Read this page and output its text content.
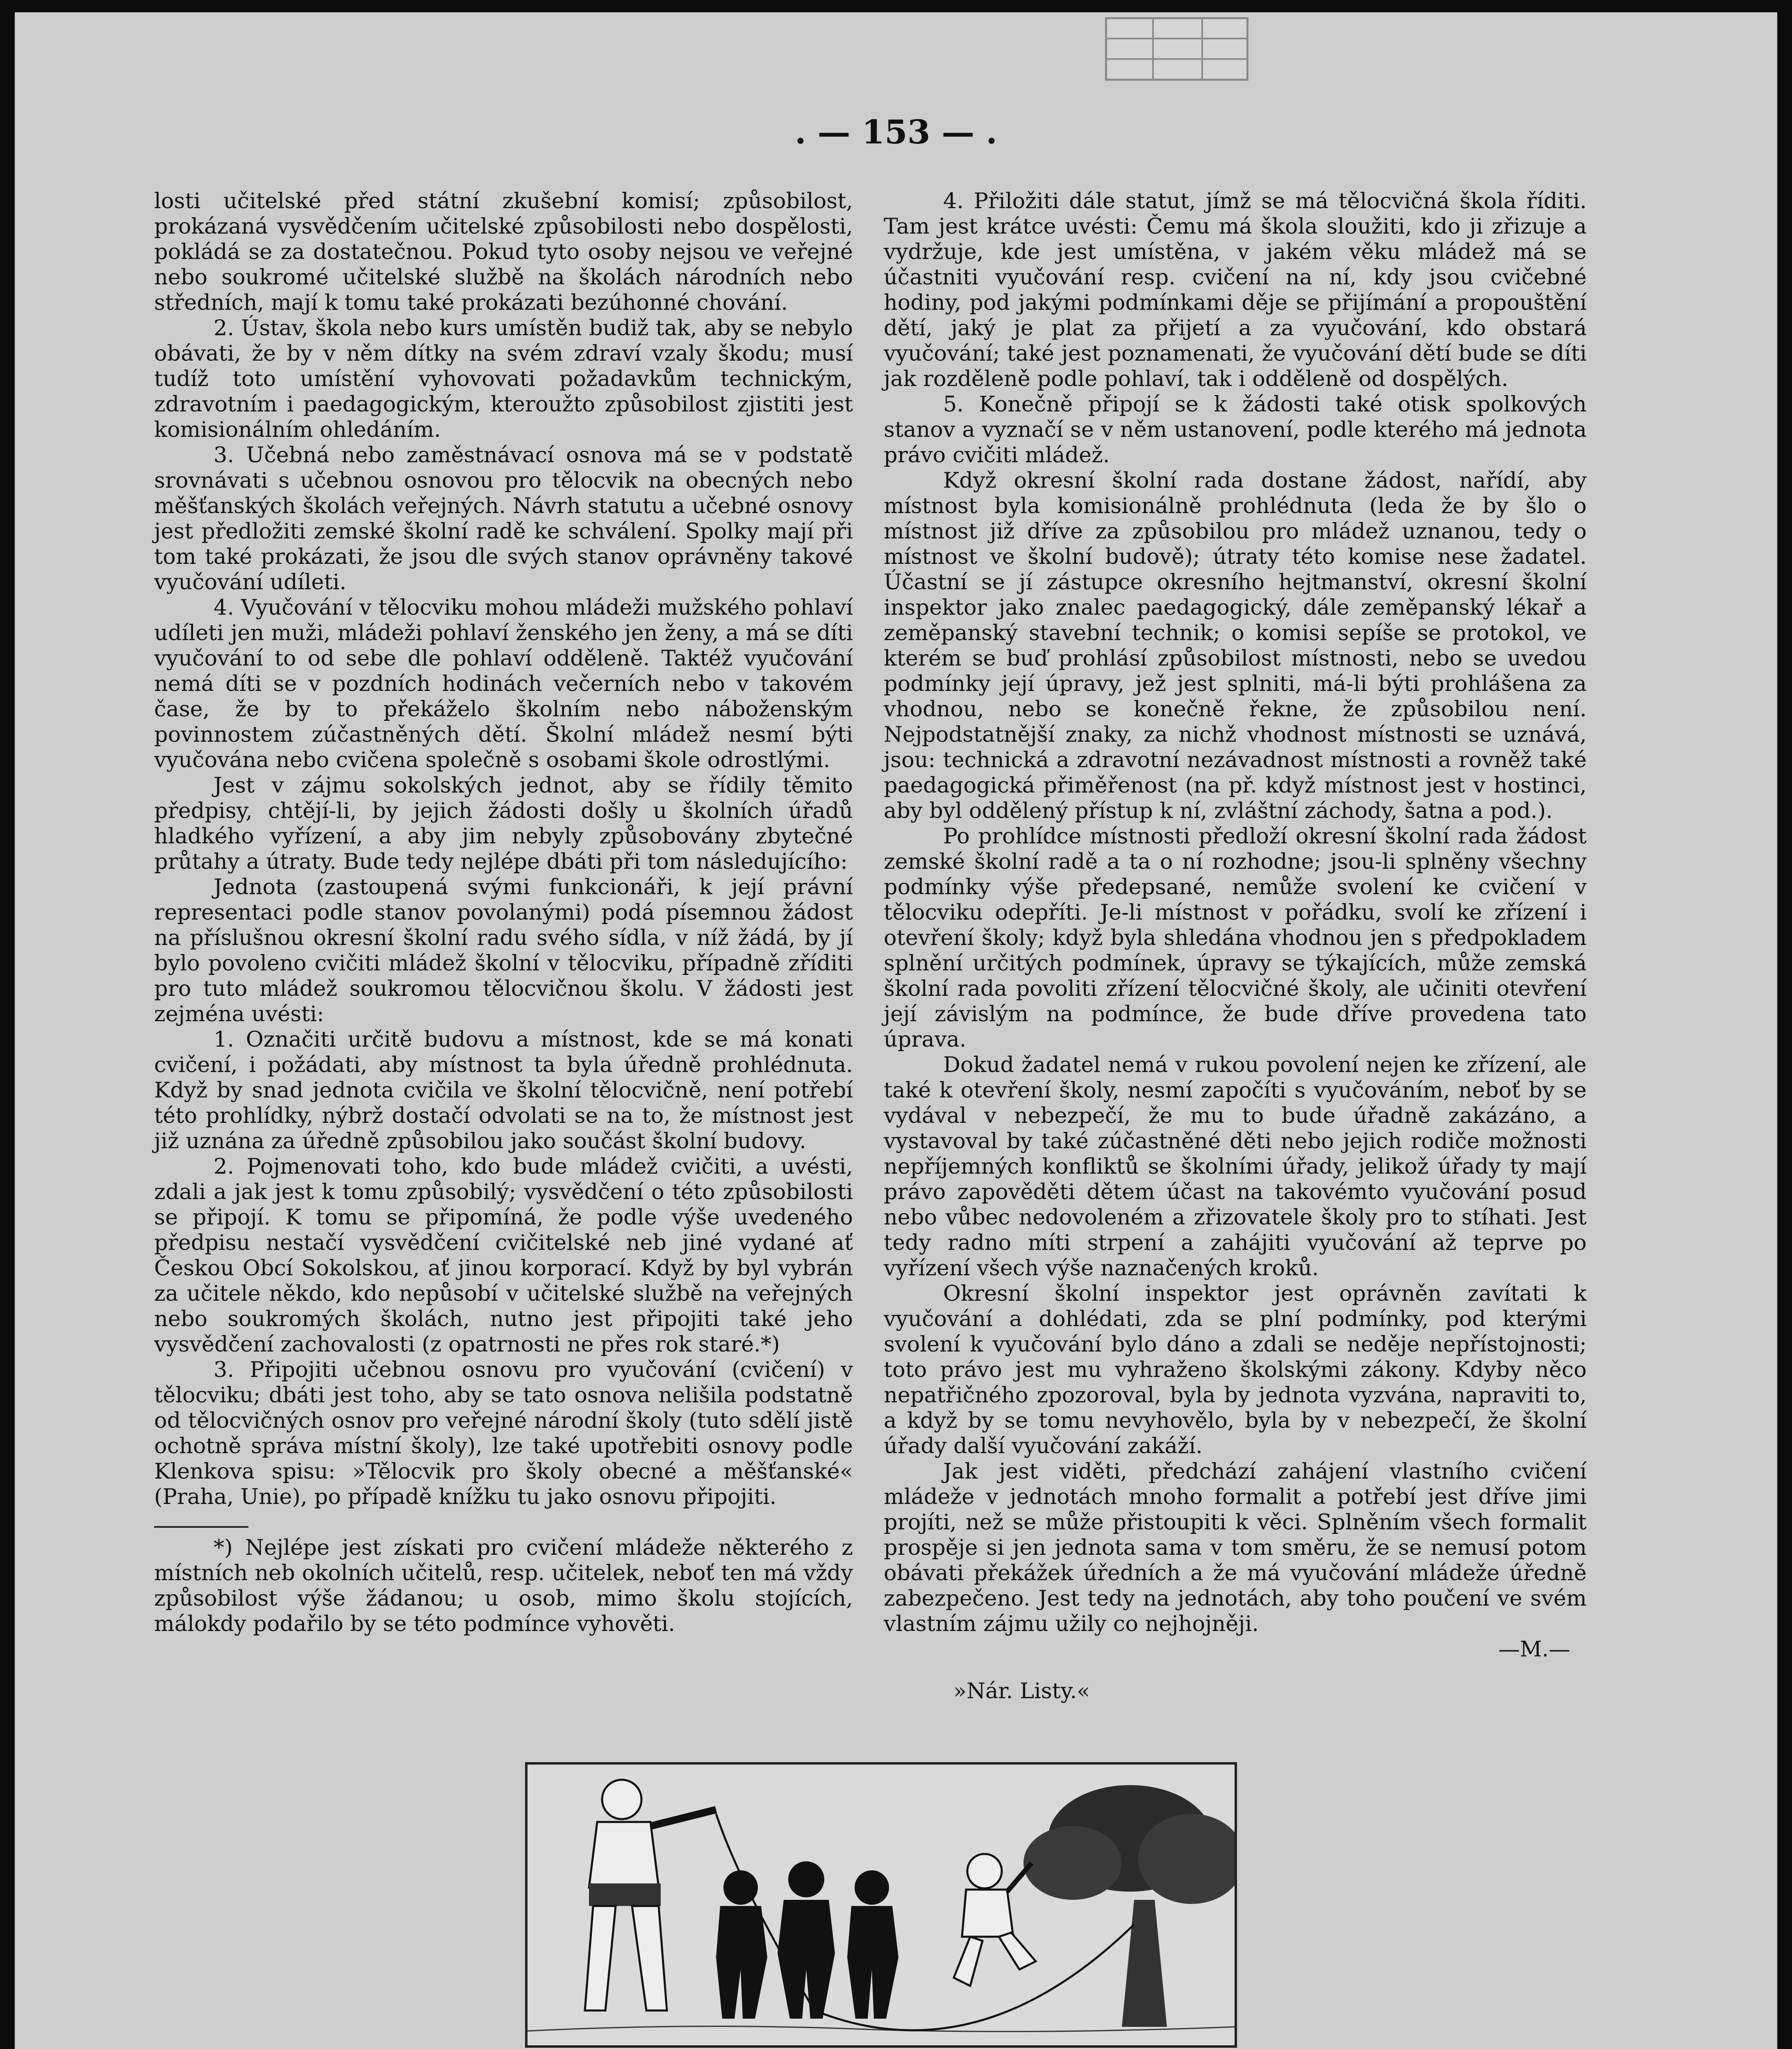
. — 153 — .

losti učitelské před státní zkušební komisí; způsobilost, prokázaná vysvědčením učitelské způsobilosti nebo dospělosti, pokládá se za dostatečnou. Pokud tyto osoby nejsou ve veřejné nebo soukromé učitelské službě na školách národních nebo středních, mají k tomu také prokázati bezúhonné chování.

2. Ústav, škola nebo kurs umístěn budiž tak, aby se nebylo obávati, že by v něm dítky na svém zdraví vzaly škodu; musí tudíž toto umístění vyhovovati požadavkům technickým, zdravotním i paedagogickým, kteroužto způsobilost zjistiti jest komisionálním ohledáním.

3. Učebná nebo zaměstnávací osnova má se v podstatě srovnávati s učebnou osnovou pro tělocvik na obecných nebo měšťanských školách veřejných. Návrh statutu a učebné osnovy jest předložiti zemské školní radě ke schválení. Spolky mají při tom také prokázati, že jsou dle svých stanov oprávněny takové vyučování udíleti.

4. Vyučování v tělocviku mohou mládeži mužského pohlaví udíleti jen muži, mládeži pohlaví ženského jen ženy, a má se díti vyučování to od sebe dle pohlaví odděleně. Taktéž vyučování nemá díti se v pozdních hodinách večerních nebo v takovém čase, že by to překáželo školním nebo náboženským povinnostem zúčastněných dětí. Školní mládež nesmí býti vyučována nebo cvičena společně s osobami škole odrostlými.

Jest v zájmu sokolských jednot, aby se řídily těmito předpisy, chtějí-li, by jejich žádosti došly u školních úřadů hladkého vyřízení, a aby jim nebyly způsobovány zbytečné průtahy a útraty. Bude tedy nejlépe dbáti při tom následujícího:

Jednota (zastoupená svými funkcionáři, k její právní representaci podle stanov povolanými) podá písemnou žádost na příslušnou okresní školní radu svého sídla, v níž žádá, by jí bylo povoleno cvičiti mládež školní v tělocviku, případně zříditi pro tuto mládež soukromou tělocvičnou školu. V žádosti jest zejména uvésti:

1. Označiti určitě budovu a místnost, kde se má konati cvičení, i požádati, aby místnost ta byla úředně prohlédnuta. Když by snad jednota cvičila ve školní tělocvičně, není potřebí této prohlídky, nýbrž dostačí odvolati se na to, že místnost jest již uznána za úředně způsobilou jako součást školní budovy.

2. Pojmenovati toho, kdo bude mládež cvičiti, a uvésti, zdali a jak jest k tomu způsobilý; vysvědčení o této způsobilosti se připojí. K tomu se připomíná, že podle výše uvedeného předpisu nestačí vysvědčení cvičitelské neb jiné vydané ať Českou Obcí Sokolskou, ať jinou korporací. Když by byl vybrán za učitele někdo, kdo nepůsobí v učitelské službě na veřejných nebo soukromých školách, nutno jest připojiti také jeho vysvědčení zachovalosti (z opatrnosti ne přes rok staré.*)

3. Připojiti učebnou osnovu pro vyučování (cvičení) v tělocviku; dbáti jest toho, aby se tato osnova nelišila podstatně od tělocvičných osnov pro veřejné národní školy (tuto sdělí jistě ochotně správa místní školy), lze také upotřebiti osnovy podle Klenkova spisu: »Tělocvik pro školy obecné a měšťanské« (Praha, Unie), po případě knížku tu jako osnovu připojiti.

*) Nejlépe jest získati pro cvičení mládeže některého z místních neb okolních učitelů, resp. učitelek, neboť ten má vždy způsobilost výše žádanou; u osob, mimo školu stojících, málokdy podařilo by se této podmínce vyhověti.

4. Přiložiti dále statut, jímž se má tělocvičná škola říditi. Tam jest krátce uvésti: Čemu má škola sloužiti, kdo ji zřizuje a vydržuje, kde jest umístěna, v jakém věku mládež má se účastniti vyučování resp. cvičení na ní, kdy jsou cvičebné hodiny, pod jakými podmínkami děje se přijímání a propouštění dětí, jaký je plat za přijetí a za vyučování, kdo obstará vyučování; také jest poznamenati, že vyučování dětí bude se díti jak rozděleně podle pohlaví, tak i odděleně od dospělých.

5. Konečně připojí se k žádosti také otisk spolkových stanov a vyznačí se v něm ustanovení, podle kterého má jednota právo cvičiti mládež.

Když okresní školní rada dostane žádost, nařídí, aby místnost byla komisionálně prohlédnuta (leda že by šlo o místnost již dříve za způsobilou pro mládež uznanou, tedy o místnost ve školní budově); útraty této komise nese žadatel. Účastní se jí zástupce okresního hejtmanství, okresní školní inspektor jako znalec paedagogický, dále zeměpanský lékař a zeměpanský stavební technik; o komisi sepíše se protokol, ve kterém se buď prohlásí způsobilost místnosti, nebo se uvedou podmínky její úpravy, jež jest splniti, má-li býti prohlášena za vhodnou, nebo se konečně řekne, že způsobilou není. Nejpodstatnější znaky, za nichž vhodnost místnosti se uznává, jsou: technická a zdravotní nezávadnost místnosti a rovněž také paedagogická přiměřenost (na př. když místnost jest v hostinci, aby byl oddělený přístup k ní, zvláštní záchody, šatna a pod.).

Po prohlídce místnosti předloží okresní školní rada žádost zemské školní radě a ta o ní rozhodne; jsou-li splněny všechny podmínky výše předepsané, nemůže svolení ke cvičení v tělocviku odepříti. Je-li místnost v pořádku, svolí ke zřízení i otevření školy; když byla shledána vhodnou jen s předpokladem splnění určitých podmínek, úpravy se týkajících, může zemská školní rada povoliti zřízení tělocvičné školy, ale učiniti otevření její závislým na podmínce, že bude dříve provedena tato úprava.

Dokud žadatel nemá v rukou povolení nejen ke zřízení, ale také k otevření školy, nesmí započíti s vyučováním, neboť by se vydával v nebezpečí, že mu to bude úřadně zakázáno, a vystavoval by také zúčastněné děti nebo jejich rodiče možnosti nepříjemných konfliktů se školními úřady, jelikož úřady ty mají právo zapověděti dětem účast na takovémto vyučování posud nebo vůbec nedovoleném a zřizovatele školy pro to stíhati. Jest tedy radno míti strpení a zahájiti vyučování až teprve po vyřízení všech výše naznačených kroků.

Okresní školní inspektor jest oprávněn zavítati k vyučování a dohlédati, zda se plní podmínky, pod kterými svolení k vyučování bylo dáno a zdali se neděje nepřístojnosti; toto právo jest mu vyhraženo školskými zákony. Kdyby něco nepatřičného zpozoroval, byla by jednota vyzvána, napraviti to, a když by se tomu nevyhovělo, byla by v nebezpečí, že školní úřady další vyučování zakáží.

Jak jest viděti, předchází zahájení vlastního cvičení mládeže v jednotách mnoho formalit a potřebí jest dříve jimi projíti, než se může přistoupiti k věci. Splněním všech formalit prospěje si jen jednota sama v tom směru, že se nemusí potom obávati překážek úředních a že má vyučování mládeže úředně zabezpečeno. Jest tedy na jednotách, aby toho poučení ve svém vlastním zájmu užily co nejhojněji.

—M.—

»Nár. Listy.«
